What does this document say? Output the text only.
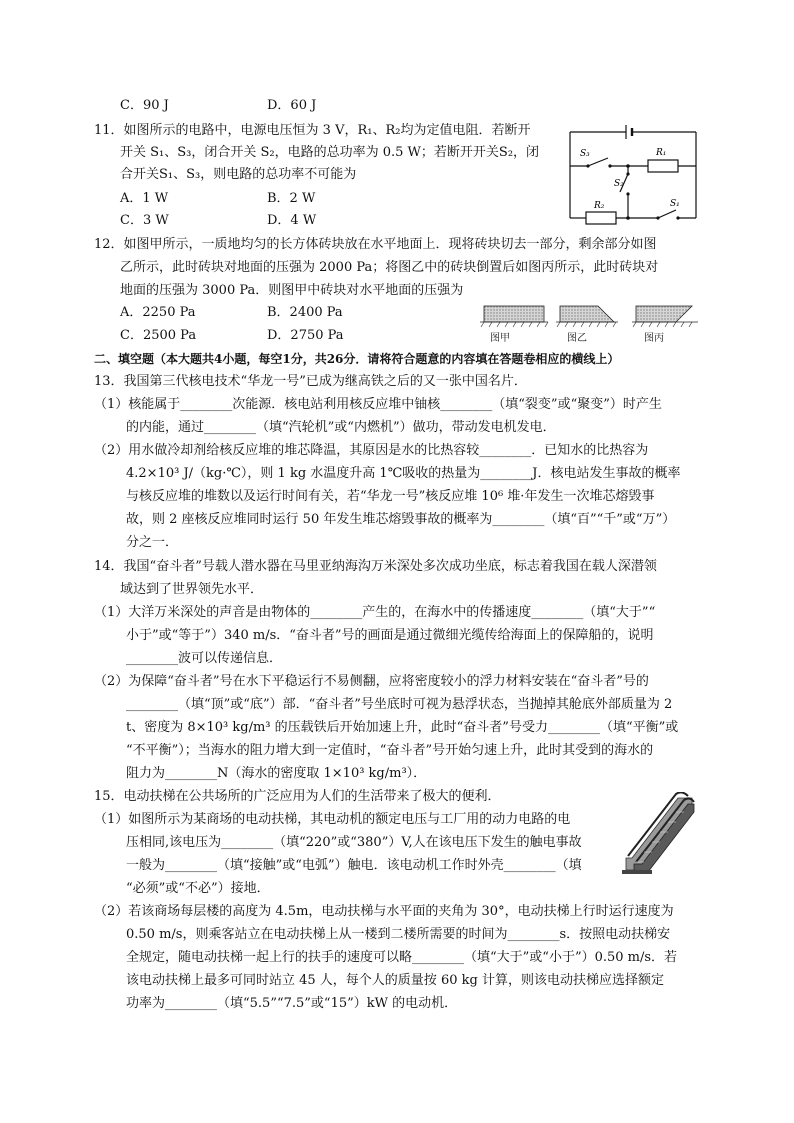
C．90 J	D．60 J
11．如图所示的电路中，电源电压恒为 3 V，R₁、R₂均为定值电阻．若断开
开关 S₁、S₃，闭合开关 S₂，电路的总功率为 0.5 W；若断开开关S₂，闭
合开关S₁、S₃，则电路的总功率不可能为
A．1 W	B．2 W
C．3 W	D．4 W
S₃	R₁
S₂
R₂	S₁
12．如图甲所示，一质地均匀的长方体砖块放在水平地面上．现将砖块切去一部分，剩余部分如图
乙所示，此时砖块对地面的压强为 2000 Pa；将图乙中的砖块倒置后如图丙所示，此时砖块对
地面的压强为 3000 Pa．则图甲中砖块对水平地面的压强为
A．2250 Pa	B．2400 Pa
C．2500 Pa	D．2750 Pa	图甲	图乙	图丙
二、填空题（本大题共4小题，每空1分，共26分．请将符合题意的内容填在答题卷相应的横线上）
13．我国第三代核电技术“华龙一号”已成为继高铁之后的又一张中国名片．
（1）核能属于________次能源．核电站利用核反应堆中铀核________（填“裂变”或“聚变”）时产生
的内能，通过________（填“汽轮机”或“内燃机”）做功，带动发电机发电．
（2）用水做冷却剂给核反应堆的堆芯降温，其原因是水的比热容较________．已知水的比热容为
4.2×10³ J/（kg·℃），则 1 kg 水温度升高 1℃吸收的热量为________J．核电站发生事故的概率
与核反应堆的堆数以及运行时间有关，若“华龙一号”核反应堆 10⁶ 堆·年发生一次堆芯熔毁事
故，则 2 座核反应堆同时运行 50 年发生堆芯熔毁事故的概率为________（填“百”“千”或“万”）
分之一．
14．我国“奋斗者”号载人潜水器在马里亚纳海沟万米深处多次成功坐底，标志着我国在载人深潜领
域达到了世界领先水平．
（1）大洋万米深处的声音是由物体的________产生的，在海水中的传播速度________（填“大于”“
小于”或“等于”）340 m/s．“奋斗者”号的画面是通过微细光缆传给海面上的保障船的，说明
________波可以传递信息．
（2）为保障“奋斗者”号在水下平稳运行不易侧翻，应将密度较小的浮力材料安装在“奋斗者”号的
________（填“顶”或“底”）部．“奋斗者”号坐底时可视为悬浮状态，当抛掉其舱底外部质量为 2
t、密度为 8×10³ kg/m³ 的压载铁后开始加速上升，此时“奋斗者”号受力________（填“平衡”或
“不平衡”）；当海水的阻力增大到一定值时，“奋斗者”号开始匀速上升，此时其受到的海水的
阻力为________N（海水的密度取 1×10³ kg/m³）．
15．电动扶梯在公共场所的广泛应用为人们的生活带来了极大的便利．
（1）如图所示为某商场的电动扶梯，其电动机的额定电压与工厂用的动力电路的电
压相同,该电压为________（填“220”或“380”）V,人在该电压下发生的触电事故
一般为________（填“接触”或“电弧”）触电．该电动机工作时外壳________（填
“必须”或“不必”）接地．
（2）若该商场每层楼的高度为 4.5m，电动扶梯与水平面的夹角为 30°，电动扶梯上行时运行速度为
0.50 m/s，则乘客站立在电动扶梯上从一楼到二楼所需要的时间为________s．按照电动扶梯安
全规定，随电动扶梯一起上行的扶手的速度可以略________（填“大于”或“小于”）0.50 m/s．若
该电动扶梯上最多可同时站立 45 人，每个人的质量按 60 kg 计算，则该电动扶梯应选择额定
功率为________（填“5.5”“7.5”或“15”）kW 的电动机．
